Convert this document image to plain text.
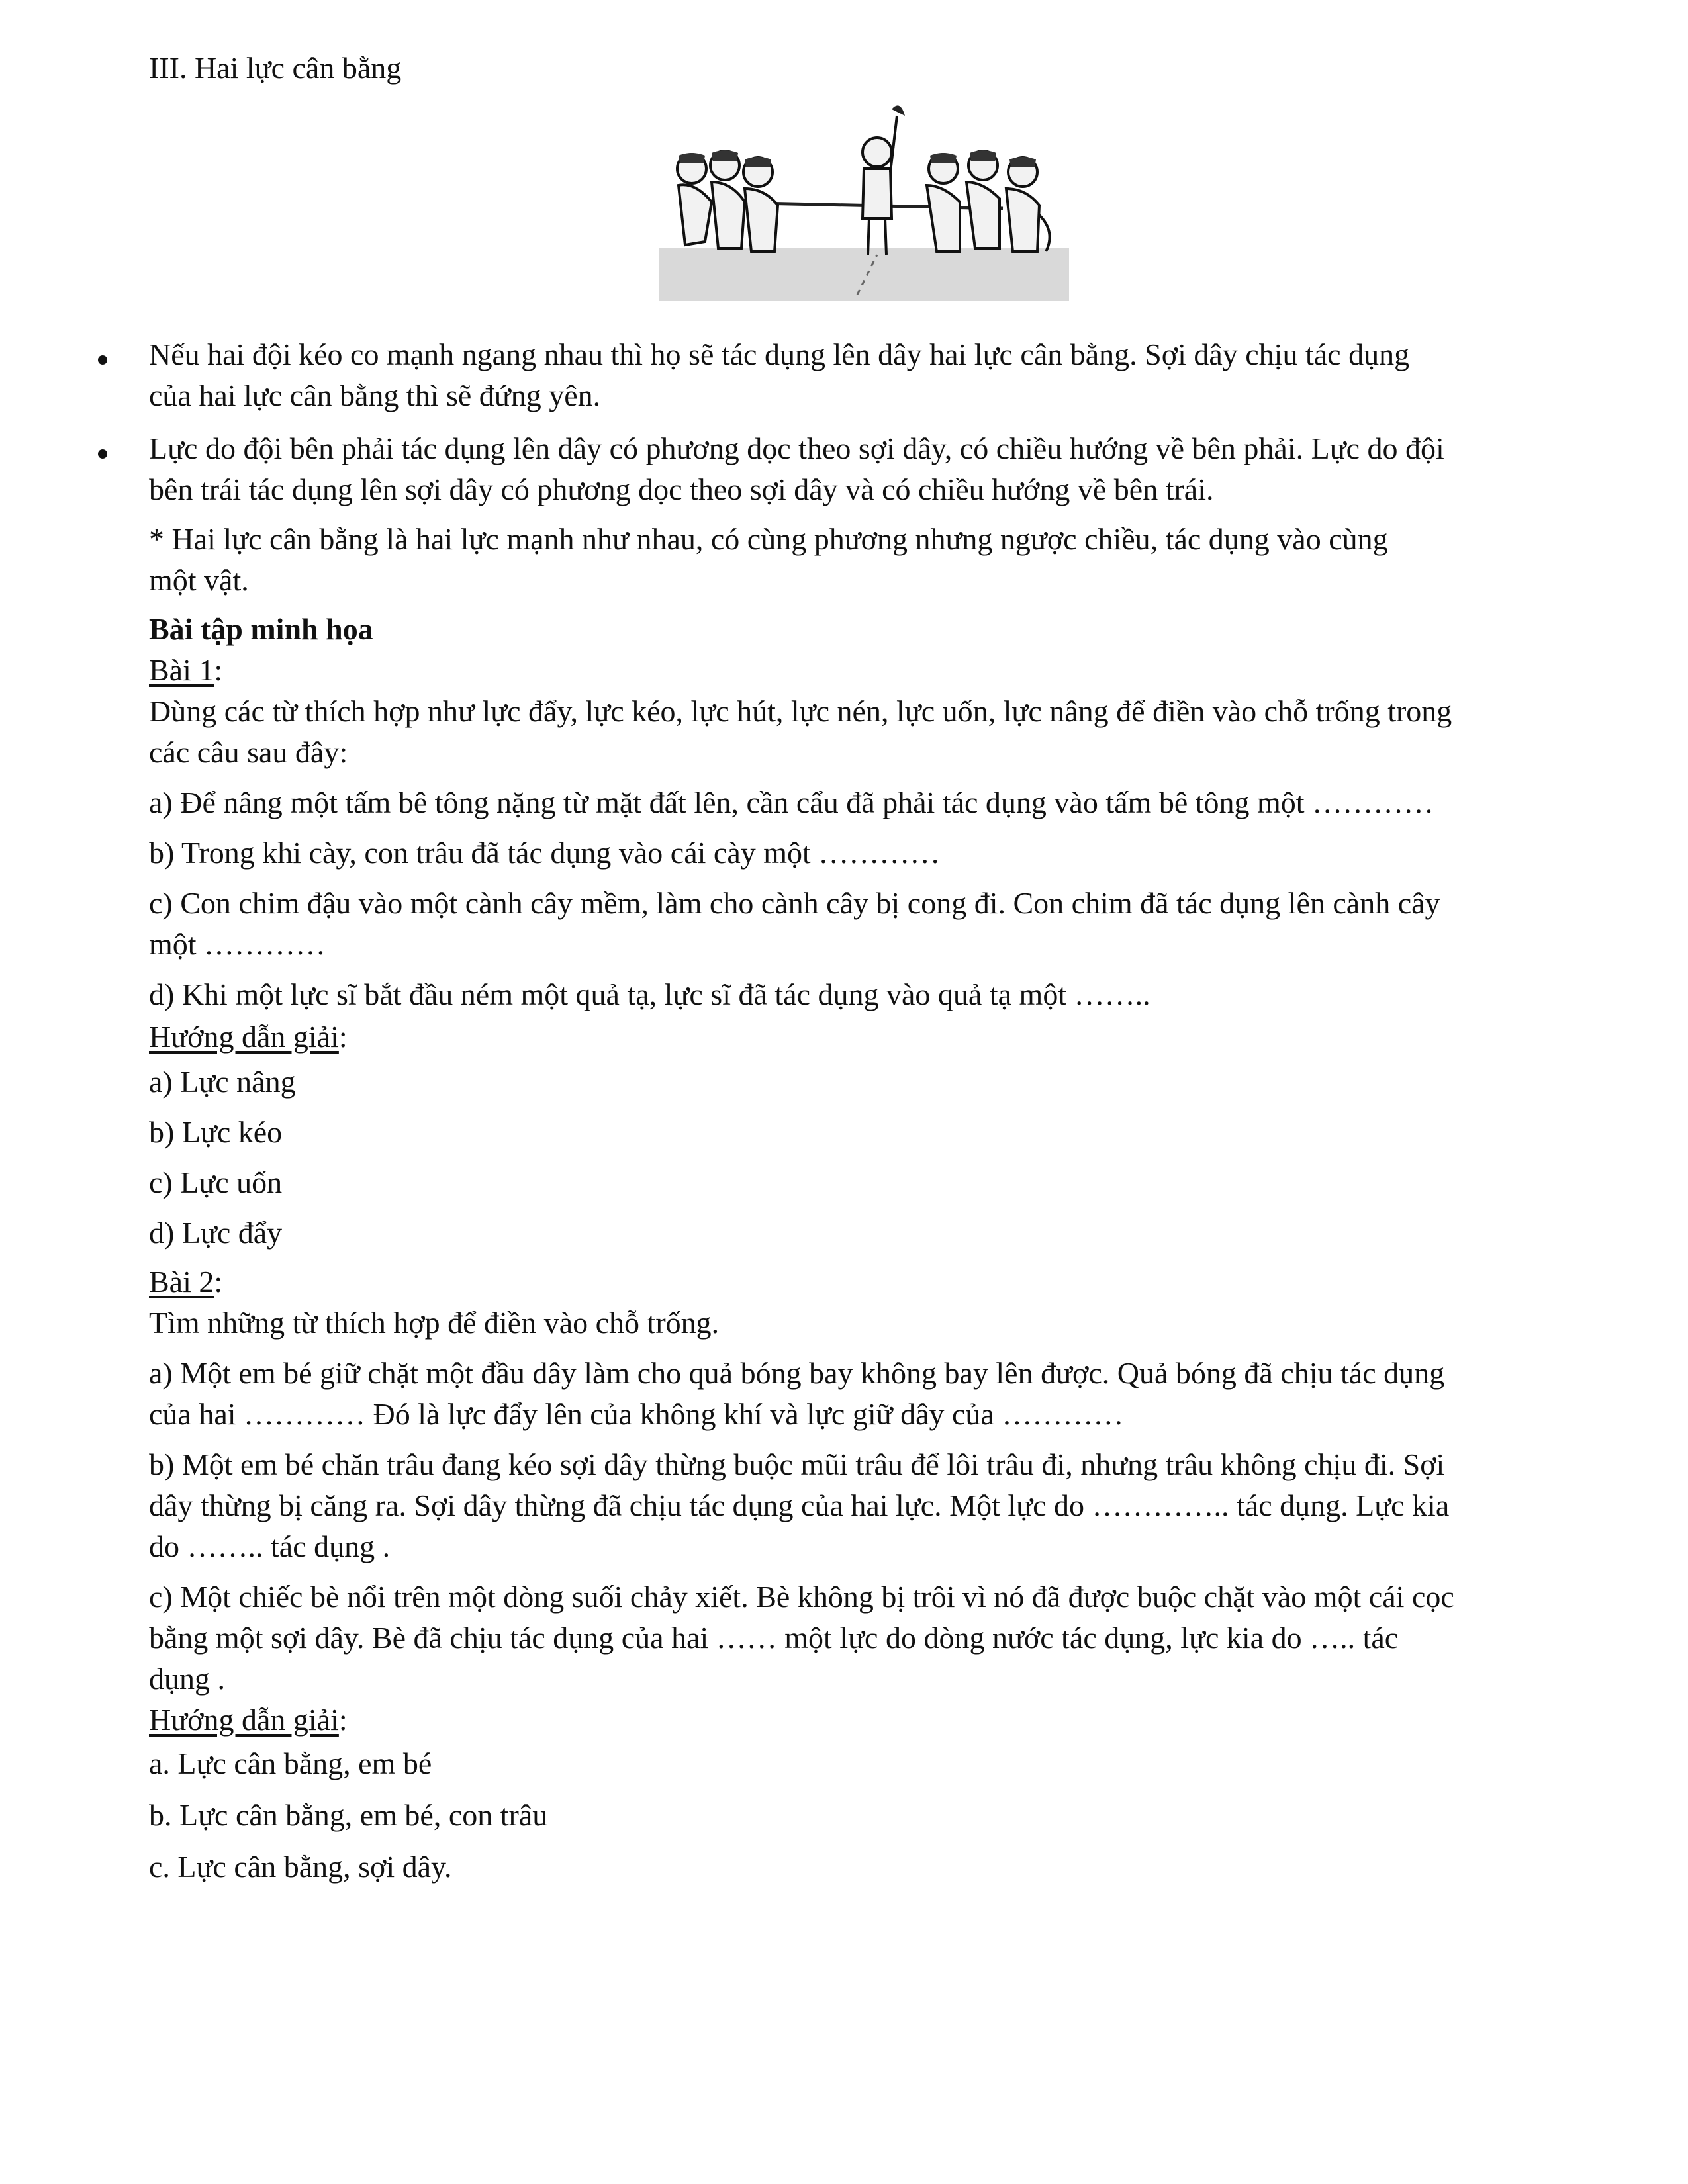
III. Hai lực cân bằng
Nếu hai đội kéo co mạnh ngang nhau thì họ sẽ tác dụng lên dây hai lực cân bằng. Sợi dây chịu tác dụng
của hai lực cân bằng thì sẽ đứng yên.
Lực do đội bên phải tác dụng lên dây có phương dọc theo sợi dây, có chiều hướng về bên phải. Lực do đội
bên trái tác dụng lên sợi dây có phương dọc theo sợi dây và có chiều hướng về bên trái.
* Hai lực cân bằng là hai lực mạnh như nhau, có cùng phương nhưng ngược chiều, tác dụng vào cùng
một vật.
Bài tập minh họa
Bài 1:
Dùng các từ thích hợp như lực đẩy, lực kéo, lực hút, lực nén, lực uốn, lực nâng để điền vào chỗ trống trong
các câu sau đây:
a) Để nâng một tấm bê tông nặng từ mặt đất lên, cần cẩu đã phải tác dụng vào tấm bê tông một …………
b) Trong khi cày, con trâu đã tác dụng vào cái cày một …………
c) Con chim đậu vào một cành cây mềm, làm cho cành cây bị cong đi. Con chim đã tác dụng lên cành cây
một …………
d) Khi một lực sĩ bắt đầu ném một quả tạ, lực sĩ đã tác dụng vào quả tạ một ……..
Hướng dẫn giải:
a) Lực nâng
b) Lực kéo
c) Lực uốn
d) Lực đẩy
Bài 2:
Tìm những từ thích hợp để điền vào chỗ trống.
a) Một em bé giữ chặt một đầu dây làm cho quả bóng bay không bay lên được. Quả bóng đã chịu tác dụng
của hai ………… Đó là lực đẩy lên của không khí và lực giữ dây của …………
b) Một em bé chăn trâu đang kéo sợi dây thừng buộc mũi trâu để lôi trâu đi, nhưng trâu không chịu đi. Sợi
dây thừng bị căng ra. Sợi dây thừng đã chịu tác dụng của hai lực. Một lực do ………….. tác dụng. Lực kia
do …….. tác dụng .
c) Một chiếc bè nổi trên một dòng suối chảy xiết. Bè không bị trôi vì nó đã được buộc chặt vào một cái cọc
bằng một sợi dây. Bè đã chịu tác dụng của hai …… một lực do dòng nước tác dụng, lực kia do ….. tác
dụng .
Hướng dẫn giải:
a. Lực cân bằng, em bé
b. Lực cân bằng, em bé, con trâu
c. Lực cân bằng, sợi dây.
